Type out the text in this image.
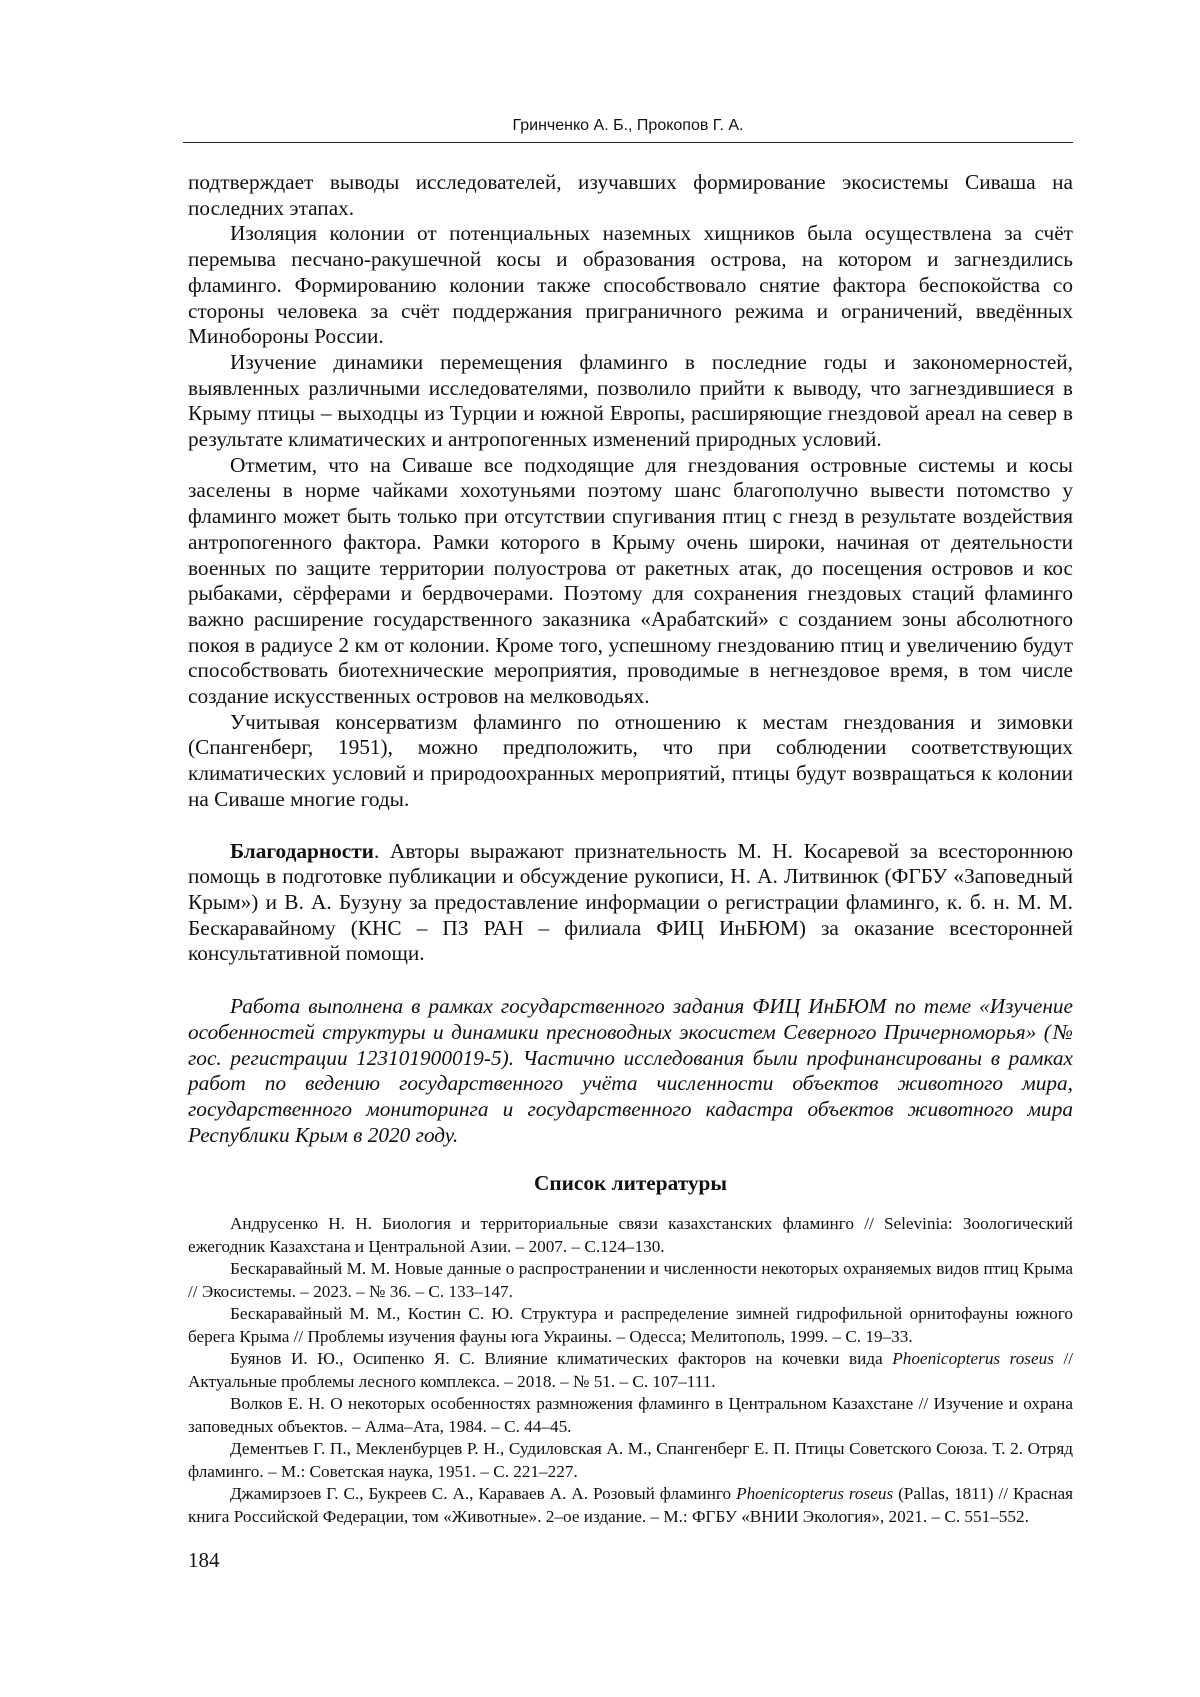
Гринченко А. Б., Прокопов Г. А.

подтверждает выводы исследователей, изучавших формирование экосистемы Сиваша на последних этапах.

Изоляция колонии от потенциальных наземных хищников была осуществлена за счёт перемыва песчано-ракушечной косы и образования острова, на котором и загнездились фламинго. Формированию колонии также способствовало снятие фактора беспокойства со стороны человека за счёт поддержания приграничного режима и ограничений, введённых Минобороны России.

Изучение динамики перемещения фламинго в последние годы и закономерностей, выявленных различными исследователями, позволило прийти к выводу, что загнездившиеся в Крыму птицы – выходцы из Турции и южной Европы, расширяющие гнездовой ареал на север в результате климатических и антропогенных изменений природных условий.

Отметим, что на Сиваше все подходящие для гнездования островные системы и косы заселены в норме чайками хохотуньями поэтому шанс благополучно вывести потомство у фламинго может быть только при отсутствии спугивания птиц с гнезд в результате воздействия антропогенного фактора. Рамки которого в Крыму очень широки, начиная от деятельности военных по защите территории полуострова от ракетных атак, до посещения островов и кос рыбаками, сёрферами и бердвочерами. Поэтому для сохранения гнездовых стаций фламинго важно расширение государственного заказника «Арабатский» с созданием зоны абсолютного покоя в радиусе 2 км от колонии. Кроме того, успешному гнездованию птиц и увеличению будут способствовать биотехнические мероприятия, проводимые в негнездовое время, в том числе создание искусственных островов на мелководьях.

Учитывая консерватизм фламинго по отношению к местам гнездования и зимовки (Спангенберг, 1951), можно предположить, что при соблюдении соответствующих климатических условий и природоохранных мероприятий, птицы будут возвращаться к колонии на Сиваше многие годы.

Благодарности. Авторы выражают признательность М. Н. Косаревой за всестороннюю помощь в подготовке публикации и обсуждение рукописи, Н. А. Литвинюк (ФГБУ «Заповедный Крым») и В. А. Бузуну за предоставление информации о регистрации фламинго, к. б. н. М. М. Бескаравайному (КНС – ПЗ РАН – филиала ФИЦ ИнБЮМ) за оказание всесторонней консультативной помощи.

Работа выполнена в рамках государственного задания ФИЦ ИнБЮМ по теме «Изучение особенностей структуры и динамики пресноводных экосистем Северного Причерноморья» (№ гос. регистрации 123101900019-5). Частично исследования были профинансированы в рамках работ по ведению государственного учёта численности объектов животного мира, государственного мониторинга и государственного кадастра объектов животного мира Республики Крым в 2020 году.

Список литературы

Андрусенко Н. Н. Биология и территориальные связи казахстанских фламинго // Selevinia: Зоологический ежегодник Казахстана и Центральной Азии. – 2007. – С.124–130.

Бескаравайный М. М. Новые данные о распространении и численности некоторых охраняемых видов птиц Крыма // Экосистемы. – 2023. – № 36. – С. 133–147.

Бескаравайный М. М., Костин С. Ю. Структура и распределение зимней гидрофильной орнитофауны южного берега Крыма // Проблемы изучения фауны юга Украины. – Одесса; Мелитополь, 1999. – С. 19–33.

Буянов И. Ю., Осипенко Я. С. Влияние климатических факторов на кочевки вида Phoenicopterus roseus // Актуальные проблемы лесного комплекса. – 2018. – № 51. – С. 107–111.

Волков Е. Н. О некоторых особенностях размножения фламинго в Центральном Казахстане // Изучение и охрана заповедных объектов. – Алма–Ата, 1984. – С. 44–45.

Дементьев Г. П., Мекленбурцев Р. Н., Судиловская А. М., Спангенберг Е. П. Птицы Советского Союза. Т. 2. Отряд фламинго. – М.: Советская наука, 1951. – С. 221–227.

Джамирзоев Г. С., Букреев С. А., Караваев А. А. Розовый фламинго Phoenicopterus roseus (Pallas, 1811) // Красная книга Российской Федерации, том «Животные». 2–ое издание. – М.: ФГБУ «ВНИИ Экология», 2021. – С. 551–552.

184
